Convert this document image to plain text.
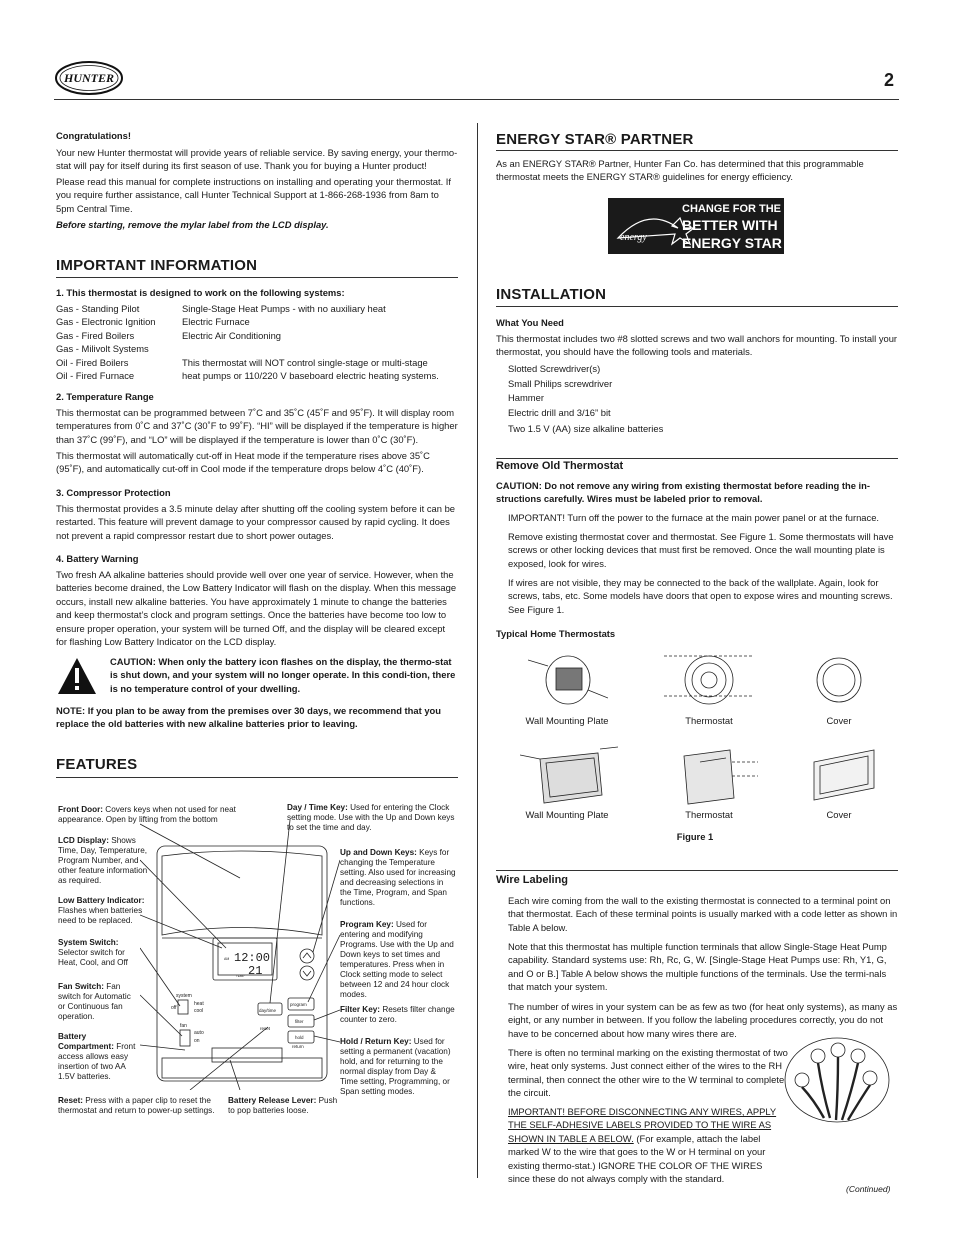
HUNTER	2

Congratulations!

Your new Hunter thermostat will provide years of reliable service. By saving energy, your thermo-stat will pay for itself during its first season of use. Thank you for buying a Hunter product!

Please read this manual for complete instructions on installing and operating your thermostat. If you require further assistance, call Hunter Technical Support at 1-866-268-1936 from 8am to 5pm Central Time.

Before starting, remove the mylar label from the LCD display.

IMPORTANT INFORMATION

1. This thermostat is designed to work on the following systems:

Gas - Standing Pilot	Single-Stage Heat Pumps - with no auxiliary heat
Gas - Electronic Ignition	Electric Furnace
Gas - Fired Boilers	Electric Air Conditioning
Gas - Milivolt Systems
Oil - Fired Boilers	This thermostat will NOT control single-stage or multi-stage
Oil - Fired Furnace	heat pumps or 110/220 V baseboard electric heating systems.

2. Temperature Range

This thermostat can be programmed between 7˚C and 35˚C (45˚F and 95˚F). It will display room temperatures from 0˚C and 37˚C (30˚F to 99˚F). “HI” will be displayed if the temperature is higher than 37˚C (99˚F), and “LO” will be displayed if the temperature is lower than 0˚C (30˚F).

This thermostat will automatically cut-off in Heat mode if the temperature rises above 35˚C (95˚F), and automatically cut-off in Cool mode if the temperature drops below 4˚C (40˚F).

3. Compressor Protection

This thermostat provides a 3.5 minute delay after shutting off the cooling system before it can be restarted. This feature will prevent damage to your compressor caused by rapid cycling. It does not prevent a rapid compressor restart due to short power outages.

4. Battery Warning

Two fresh AA alkaline batteries should provide well over one year of service. However, when the batteries become drained, the Low Battery Indicator will flash on the display. When this message occurs, install new alkaline batteries. You have approximately 1 minute to change the batteries and keep thermostat’s clock and program settings. Once the batteries have become too low to ensure proper operation, your system will be turned Off, and the display will be cleared except for flashing Low Battery Indicator on the LCD display.

CAUTION: When only the battery icon flashes on the display, the thermo-stat is shut down, and your system will no longer operate. In this condi-tion, there is no temperature control of your dwelling.

NOTE: If you plan to be away from the premises over 30 days, we recommend that you replace the old batteries with new alkaline batteries prior to leaving.

FEATURES
Front Door: Covers keys when not used for neat appearance. Open by lifting from the bottom
LCD Display: Shows Time, Day, Temperature, Program Number, and other feature information as required.
Low Battery Indicator: Flashes when batteries need to be replaced.
System Switch: Selector switch for Heat, Cool, and Off
Fan Switch: Fan switch for Automatic or Continuous fan operation.
Battery Compartment: Front access allows easy insertion of two AA 1.5V batteries.
Reset: Press with a paper clip to reset the thermostat and return to power-up settings.
Battery Release Lever: Push to pop batteries loose.
Day / Time Key: Used for entering the Clock setting mode. Use with the Up and Down keys to set the time and day.
Up and Down Keys: Keys for changing the Temperature setting. Also used for increasing and decreasing selections in the Time, Program, and Span functions.
Program Key: Used for entering and modifying Programs. Use with the Up and Down keys to set times and temperatures. Press when in Clock setting mode to select between 12 and 24 hour clock modes.
Filter Key: Resets filter change counter to zero.
Hold / Return Key: Used for setting a permanent (vacation) hold, and for returning to the normal display from Day & Time setting, Programming, or Span setting modes.
12:00
21
AM
TEMP
system
off
heat
cool
fan
auto
on
day/time
reset
program
filter
hold
return
ENERGY STAR® PARTNER

As an ENERGY STAR® Partner, Hunter Fan Co. has determined that this programmable thermostat meets the ENERGY STAR® guidelines for energy efficiency.

energy
CHANGE FOR THE
BETTER WITH
ENERGY STAR
INSTALLATION

What You Need

This thermostat includes two #8 slotted screws and two wall anchors for mounting. To install your thermostat, you should have the following tools and materials.

Slotted Screwdriver(s)
Small Philips screwdriver
Hammer
Electric drill and 3/16” bit
Two 1.5 V (AA) size alkaline batteries

Remove Old Thermostat

CAUTION: Do not remove any wiring from existing thermostat before reading the in-structions carefully. Wires must be labeled prior to removal.

IMPORTANT! Turn off the power to the furnace at the main power panel or at the furnace.

Remove existing thermostat cover and thermostat. See Figure 1. Some thermostats will have screws or other locking devices that must first be removed. Once the wall mounting plate is exposed, look for wires.

If wires are not visible, they may be connected to the back of the wallplate. Again, look for screws, tabs, etc. Some models have doors that open to expose wires and mounting screws. See Figure 1.

Typical Home Thermostats

Wall Mounting Plate	Thermostat	Cover
Wall Mounting Plate	Thermostat	Cover
Figure 1

Wire Labeling

Each wire coming from the wall to the existing thermostat is connected to a terminal point on that thermostat. Each of these terminal points is usually marked with a code letter as shown in Table A below.

Note that this thermostat has multiple function terminals that allow Single-Stage Heat Pump capability. Standard systems use: Rh, Rc, G, W. [Single-Stage Heat Pumps use: Rh, Y1, G, and O or B.] Table A below shows the multiple functions of the terminals. Use the termi-nals that match your system.

The number of wires in your system can be as few as two (for heat only systems), as many as eight, or any number in between. If you follow the labeling procedures correctly, you do not have to be concerned about how many wires there are.

There is often no terminal marking on the existing thermostat of two wire, heat only systems. Just connect either of the wires to the RH terminal, then connect the other wire to the W terminal to complete the circuit.

IMPORTANT! BEFORE DISCONNECTING ANY WIRES, APPLY THE SELF-ADHESIVE LABELS PROVIDED TO THE WIRE AS SHOWN IN TABLE A BELOW. (For example, attach the label marked W to the wire that goes to the W or H terminal on your existing thermo-stat.) IGNORE THE COLOR OF THE WIRES since these do not always comply with the standard.

(Continued)
